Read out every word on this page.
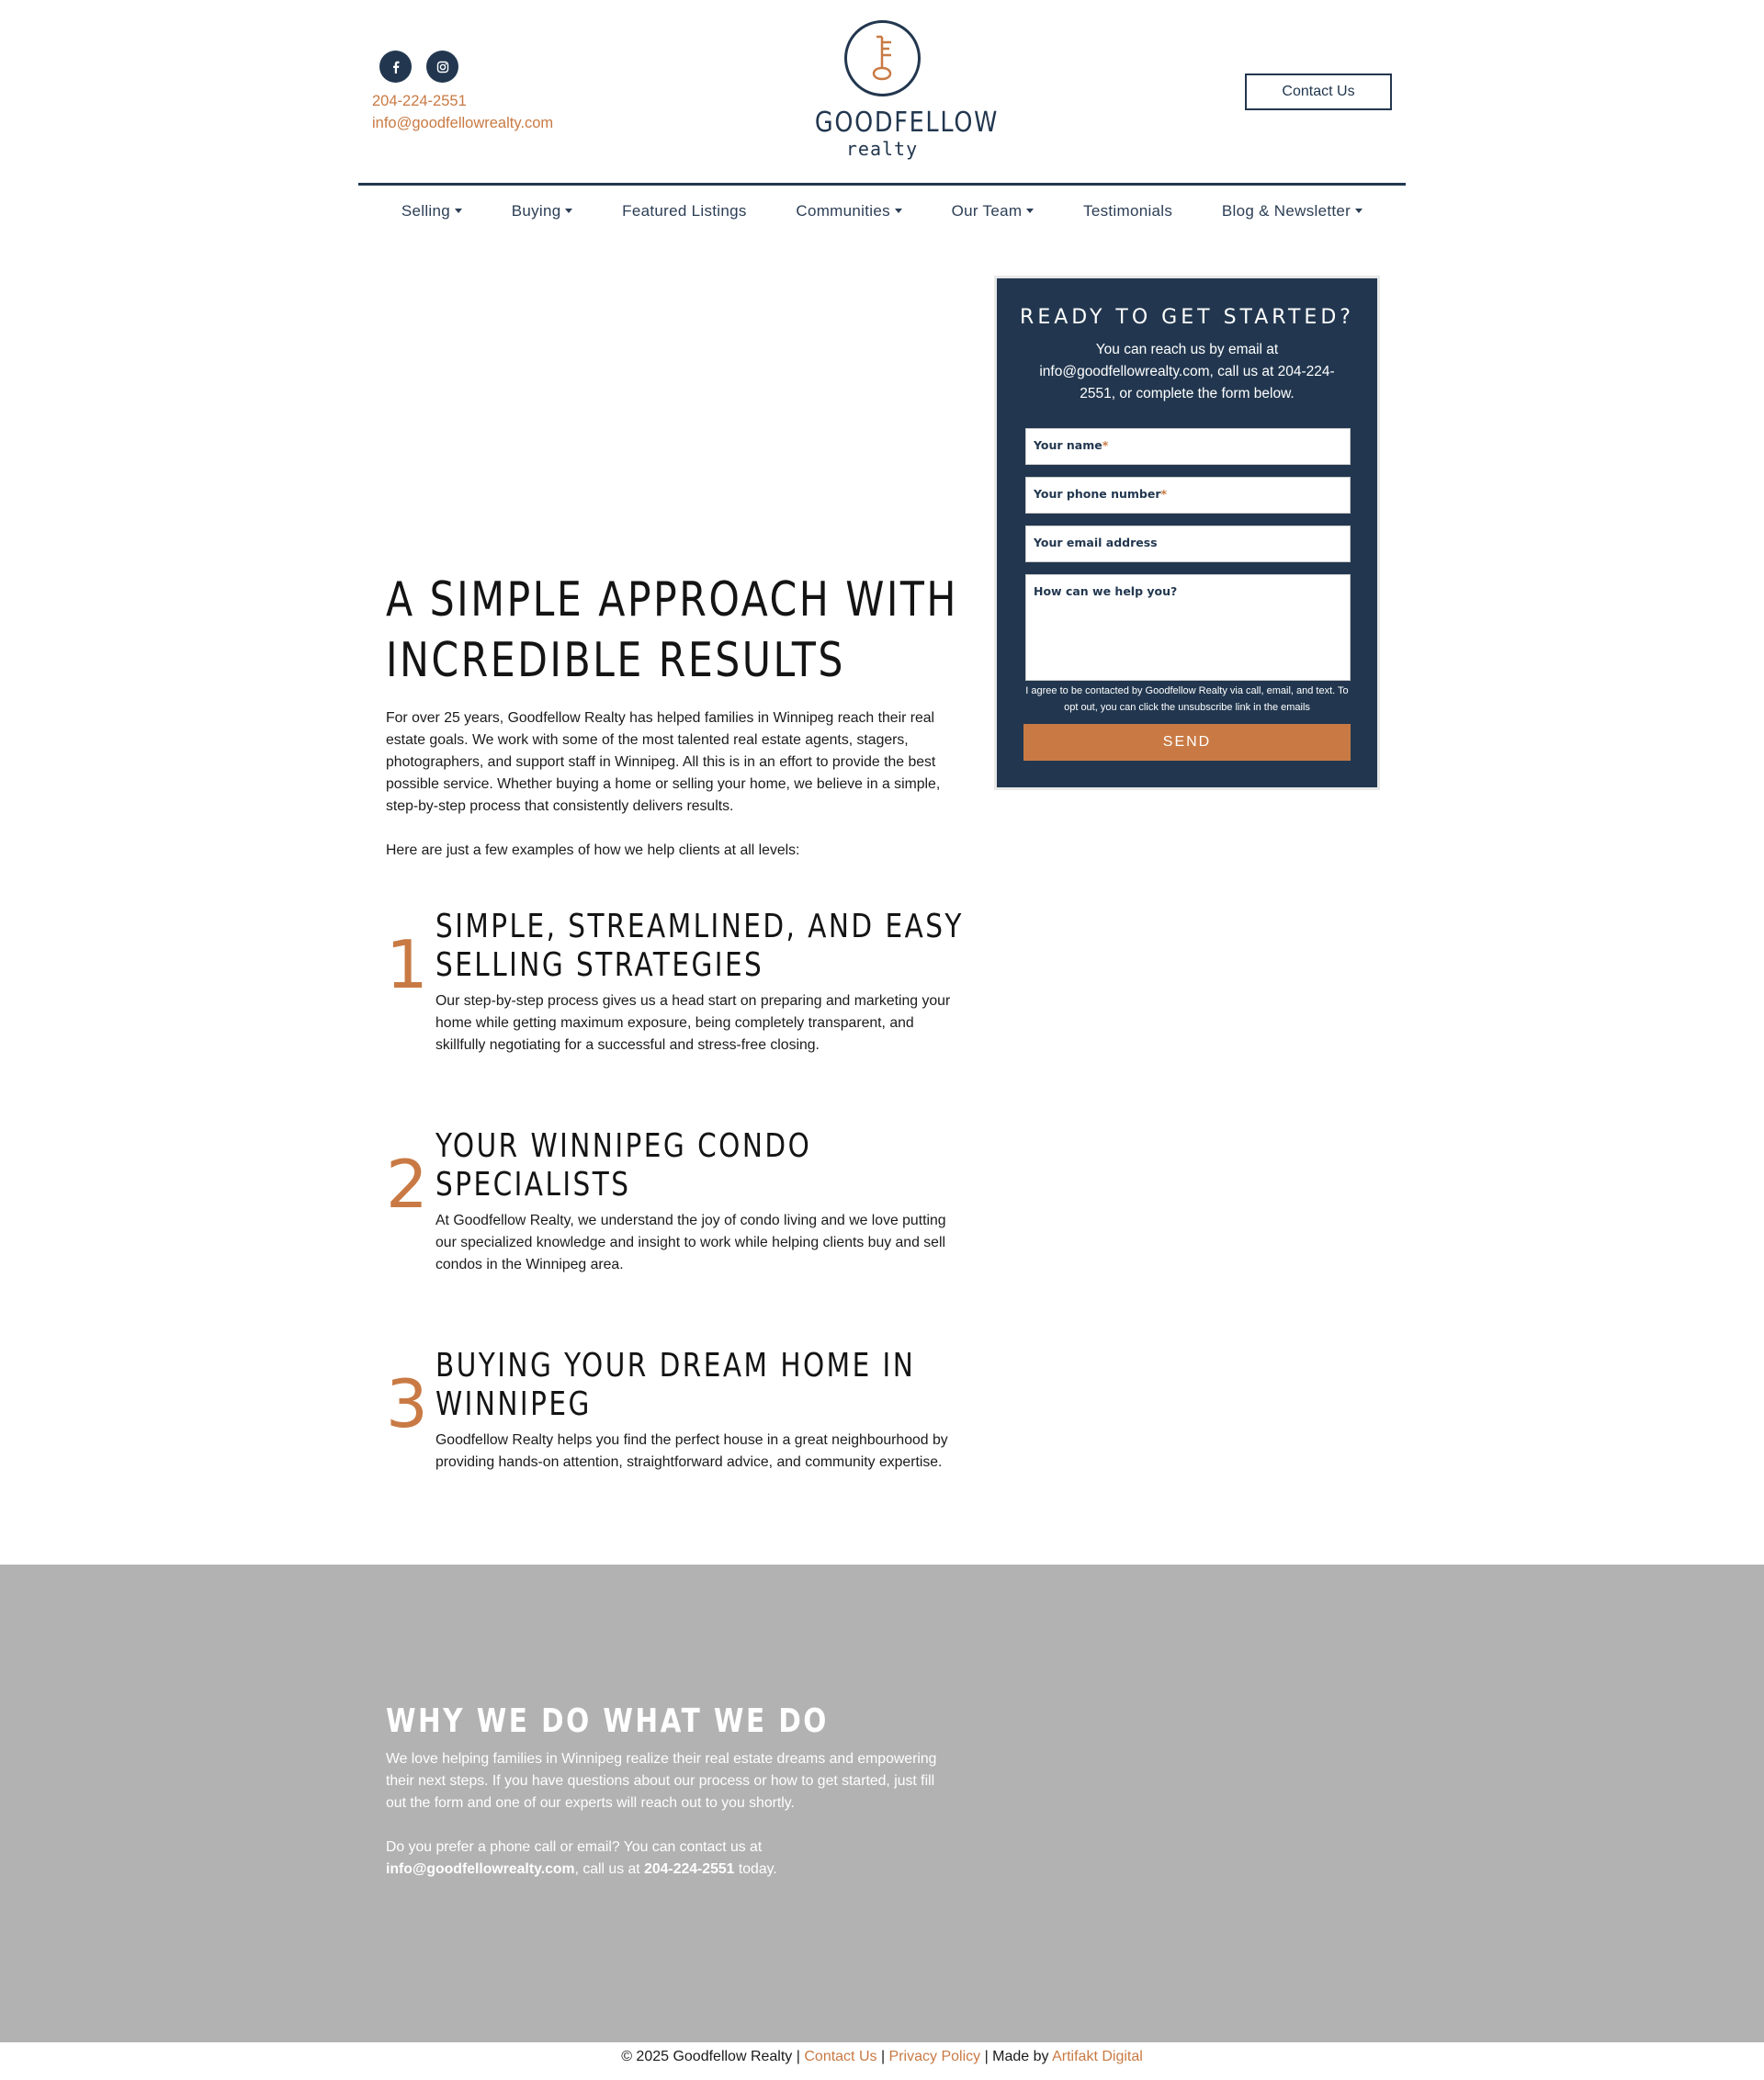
204-224-2551
info@goodfellowrealty.com	GOODFELLOW
realty
Contact Us
Selling	Buying	Featured Listings	Communities	Our Team	Testimonials	Blog & Newsletter
A SIMPLE APPROACH WITH
INCREDIBLE RESULTS

For over 25 years, Goodfellow Realty has helped families in Winnipeg reach their real estate goals. We work with some of the most talented real estate agents, stagers, photographers, and support staff in Winnipeg. All this is in an effort to provide the best possible service. Whether buying a home or selling your home, we believe in a simple, step-by-step process that consistently delivers results.

Here are just a few examples of how we help clients at all levels:

1 SIMPLE, STREAMLINED, AND EASY
SELLING STRATEGIES
Our step-by-step process gives us a head start on preparing and marketing your home while getting maximum exposure, being completely transparent, and skillfully negotiating for a successful and stress-free closing.
2 YOUR WINNIPEG CONDO
SPECIALISTS
At Goodfellow Realty, we understand the joy of condo living and we love putting our specialized knowledge and insight to work while helping clients buy and sell condos in the Winnipeg area.
3 BUYING YOUR DREAM HOME IN
WINNIPEG
Goodfellow Realty helps you find the perfect house in a great neighbourhood by providing hands-on attention, straightforward advice, and community expertise.
READY TO GET STARTED?
You can reach us by email at info@goodfellowrealty.com, call us at 204-224-2551, or complete the form below.
Your name*
Your phone number*
Your email address
How can we help you?
I agree to be contacted by Goodfellow Realty via call, email, and text. To opt out, you can click the unsubscribe link in the emails
SEND
WHY WE DO WHAT WE DO

We love helping families in Winnipeg realize their real estate dreams and empowering their next steps. If you have questions about our process or how to get started, just fill out the form and one of our experts will reach out to you shortly.

Do you prefer a phone call or email? You can contact us at info@goodfellowrealty.com, call us at 204-224-2551 today.

© 2025 Goodfellow Realty | Contact Us | Privacy Policy | Made by Artifakt Digital
